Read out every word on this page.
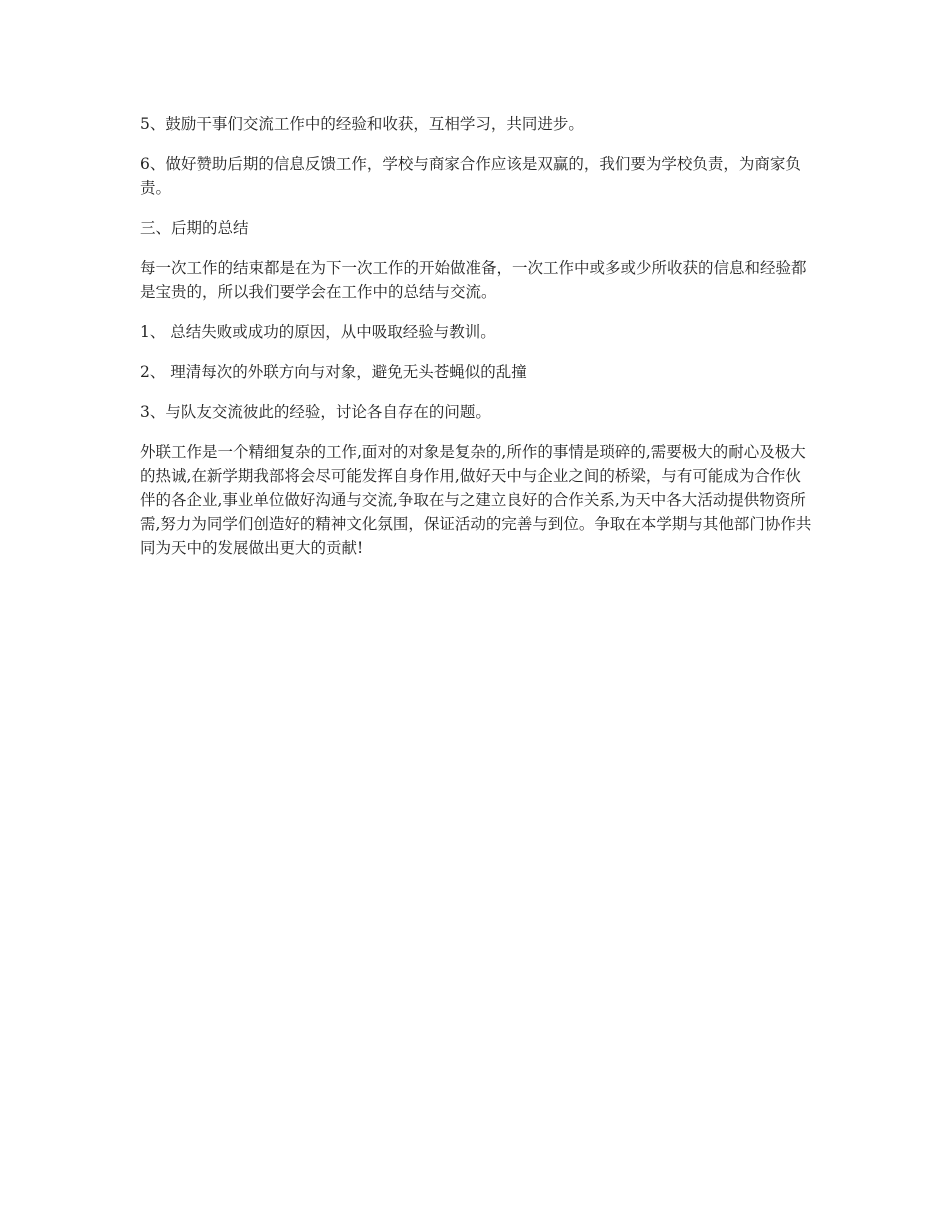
5、鼓励干事们交流工作中的经验和收获，互相学习，共同进步。

6、做好赞助后期的信息反馈工作，学校与商家合作应该是双赢的，我们要为学校负责，为商家负责。

三、后期的总结

每一次工作的结束都是在为下一次工作的开始做准备，一次工作中或多或少所收获的信息和经验都是宝贵的，所以我们要学会在工作中的总结与交流。

1、 总结失败或成功的原因，从中吸取经验与教训。

2、 理清每次的外联方向与对象，避免无头苍蝇似的乱撞

3、与队友交流彼此的经验，讨论各自存在的问题。

外联工作是一个精细复杂的工作,面对的对象是复杂的,所作的事情是琐碎的,需要极大的耐心及极大的热诚,在新学期我部将会尽可能发挥自身作用,做好天中与企业之间的桥梁，与有可能成为合作伙伴的各企业,事业单位做好沟通与交流,争取在与之建立良好的合作关系,为天中各大活动提供物资所需,努力为同学们创造好的精神文化氛围，保证活动的完善与到位。争取在本学期与其他部门协作共同为天中的发展做出更大的贡献!
